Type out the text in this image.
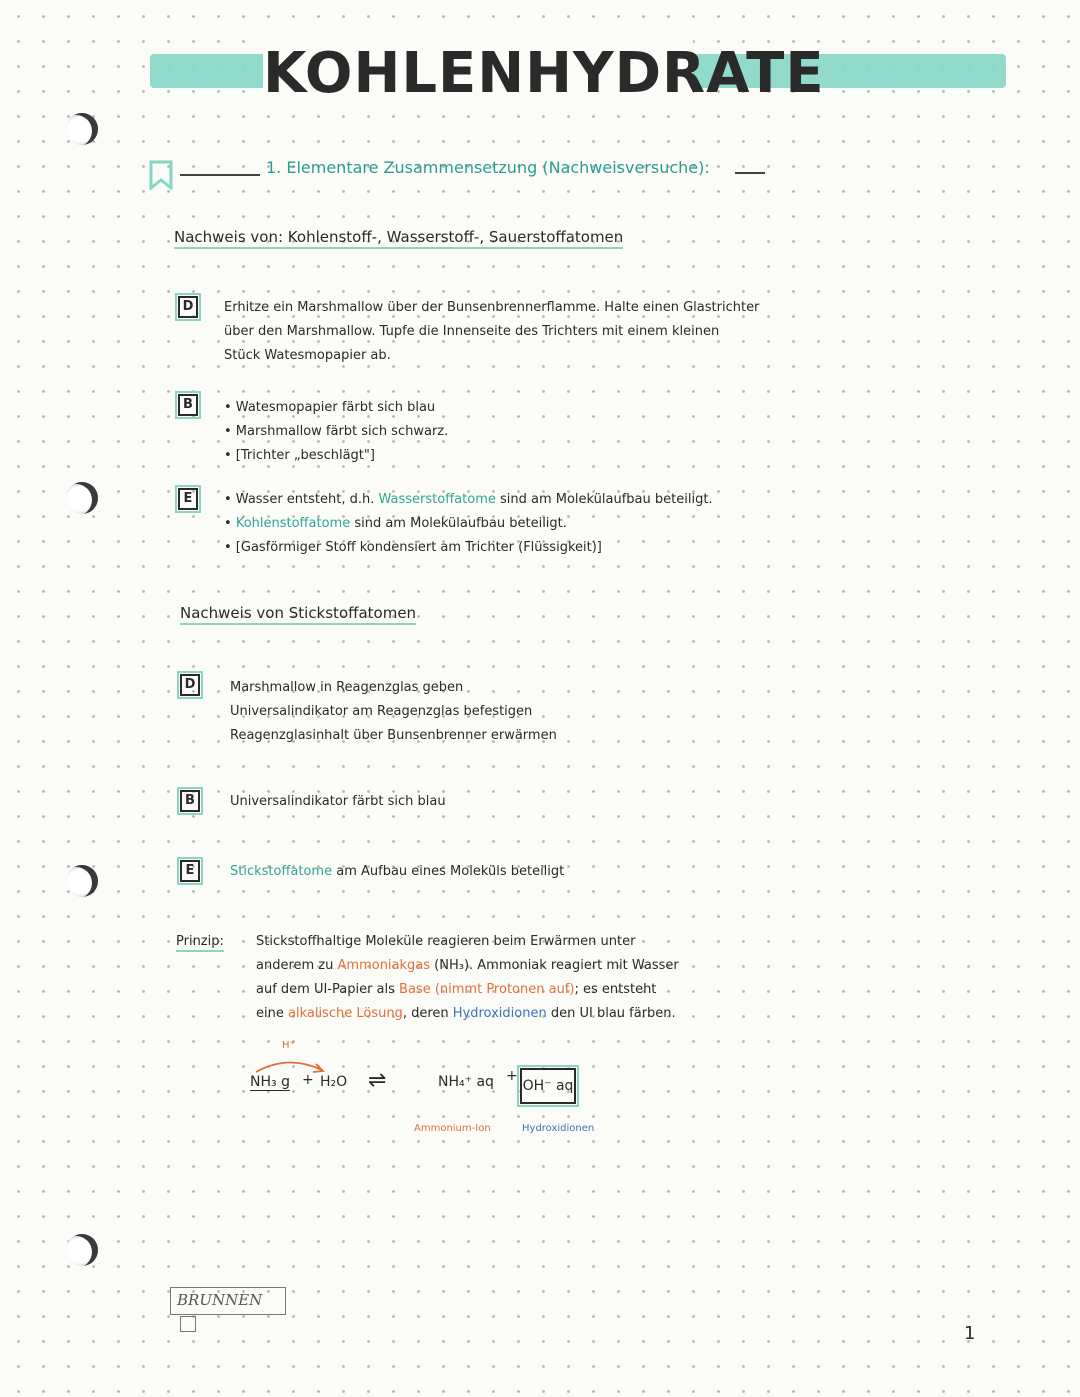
KOHLENHYDRATE
1. Elementare Zusammensetzung (Nachweisversuche):
Nachweis von: Kohlenstoff-, Wasserstoff-, Sauerstoffatomen
D	Erhitze ein Marshmallow über der Bunsenbrennerflamme. Halte einen Glastrichter
über den Marshmallow. Tupfe die Innenseite des Trichters mit einem kleinen
Stück Watesmopapier ab.
B	• Watesmopapier färbt sich blau
• Marshmallow färbt sich schwarz.
• [Trichter „beschlägt"]
E	• Wasser entsteht, d.h. Wasserstoffatome sind am Molekülaufbau beteiligt.
• Kohlenstoffatome sind am Molekülaufbau beteiligt.
• [Gasförmiger Stoff kondensiert am Trichter (Flüssigkeit)]
Nachweis von Stickstoffatomen
D	Marshmallow in Reagenzglas geben
Universalindikator am Reagenzglas befestigen
Reagenzglasinhalt über Bunsenbrenner erwärmen
B	Universalindikator färbt sich blau
E	Stickstoffatome am Aufbau eines Moleküls beteiligt
Prinzip: Stickstoffhaltige Moleküle reagieren beim Erwärmen unter
anderem zu Ammoniakgas (NH₃). Ammoniak reagiert mit Wasser
auf dem UI-Papier als Base (nimmt Protonen auf); es entsteht
eine alkalische Lösung, deren Hydroxidionen den UI blau färben.
H⁺
NH₃ g + H₂O ⇌	NH₄⁺ aq +
OH⁻ aq
Ammonium-Ion	Hydroxidionen
BRUNNEN
1
